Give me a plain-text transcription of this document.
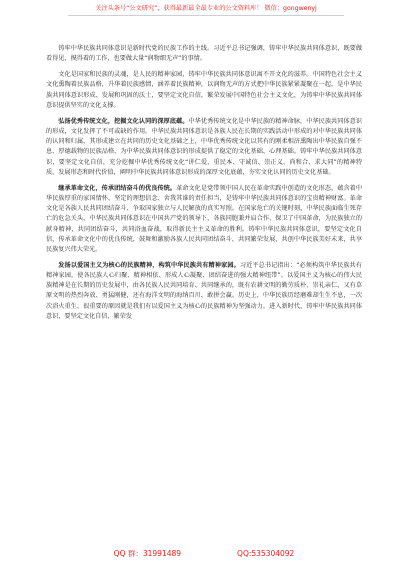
关注头条号“公文研究”，获得最新最全最专业的公文资料库！ 微信：gongwenyj

铸牢中华民族共同体意识是新时代党的民族工作的主线。习近平总书记强调，铸牢中华民族共同体意识，既要做看得见、摸得着的工作，也要做大量“润物细无声”的事情。

文化是国家和民族的灵魂，是人民的精神家园，铸牢中华民族共同体意识离不开文化的滋养。中国特色社会主义文化熏陶着民族品格，升华着民族感情，涵养着民族精神，以润物无声的方式把中华民族紧紧凝聚在一起，是中华民族共同体意识形成、发展和巩固的沃土，要坚定文化自信，繁荣发展中国特色社会主义文化，为铸牢中华民族共同体意识提供坚实的文化支撑。

弘扬优秀传统文化，挖掘文化认同的深厚底蕴。中华优秀传统文化是中华民族的精神命脉，中华民族共同体意识的形成，文化发挥了不可或缺的作用。中华民族共同体意识是各族人民在长期的实践活动中形成的对中华民族共同体的认同和归属，其形成建立在共同的历史文化基础之上，中华优秀传统文化以其有的刚柔相济熏陶出中华民族自强不息、厚德载物的民族品格，为中华民族共同体意识的形成提供了稳定的文化基础、心理基础。铸牢中华民族共同体意识，要坚定文化自信，充分挖掘中华优秀传统文化“讲仁爱、重民本、守诚信、崇正义、尚和合、求大同”的精神特质、发展形态和时代价值，阐明中华民族共同体意识形成的深厚文化底蕴，夯实文化认同的历史文化基础。

继承革命文化，传承团结奋斗的优良传统。革命文化是党带领中国人民在革命实践中创造的文化形态，蕴含着中华民族厚重的家国情怀、坚定的理想信念、舍我其谁的责任担当，是铸牢中华民族共同体意识的宝贵精神财富。革命文化是各族人民共同团结奋斗、争取国家独立与人民解放的真实写照。在国家危亡的关键时刻，中华民族面临生死存亡的危急关头，中华民族共同体意识在中国共产党的领导下，各族同胞兼并肩合作，保卫了中国革命，为民族独立的献身精神，共同团结奋斗，共同浴血奋战，取得新民主主义革命的胜利。铸牢中华民族共同体意识，要坚定文化自信，传承革命文化中的优良传统，鼓舞和激励各族人民共同团结奋斗，共同繁荣发展，共创中华民族美好未来，共享民族复兴伟大荣光。

发扬以爱国主义为核心的民族精神，构筑中华民族共有精神家园。习近平总书记指出：“必须构筑中华民族共有精神家园，使各民族人心归聚、精神相依、形成人心凝聚、团结奋进的强大精神纽带”。以爱国主义为核心的伟大民族精神是在长期的历史发展中，由各民族人民共同培育、共同继承的，既有农耕文明的勤劳质朴、崇礼亲仁，又有草原文明的热烈奔放、勇猛刚健，还有海洋文明的海纳百川、敢拼会赢。历史上，中华民族历经磨难却生生不息，一次次浴火重生，很重要的原因就是我们有以爱国主义为核心的民族精神为坚强动力。进入新时代，铸牢中华民族共同体意识，要坚定文化自信，繁荣发

QQ 群：31991489	QQ:535304092
